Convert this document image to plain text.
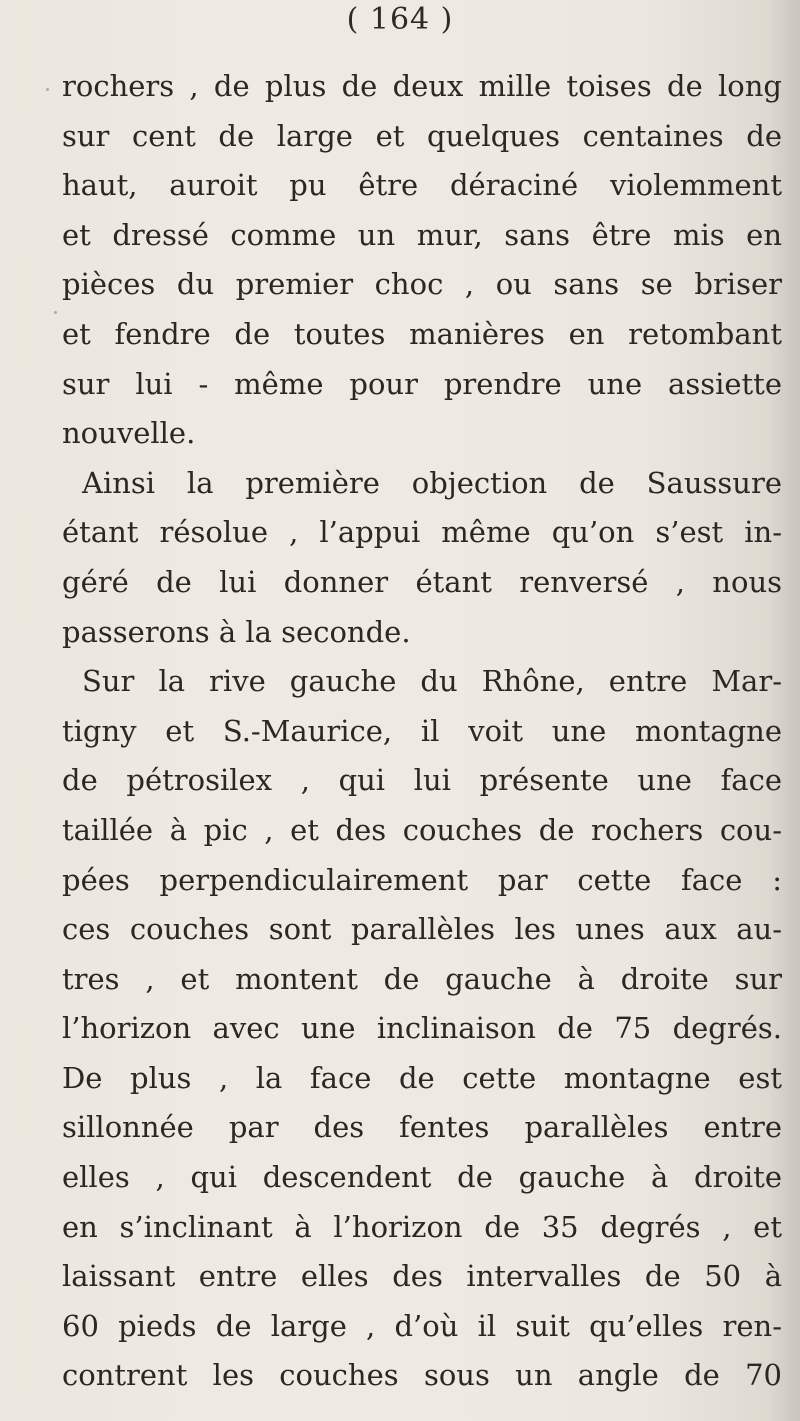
( 164 )
rochers , de plus de deux mille toises de long
sur cent de large et quelques centaines de
haut, auroit pu être déraciné violemment
et dressé comme un mur, sans être mis en
pièces du premier choc , ou sans se briser
et fendre de toutes manières en retombant
sur lui - même pour prendre une assiette
nouvelle.
Ainsi la première objection de Saussure
étant résolue , l’appui même qu’on s’est in-
géré de lui donner étant renversé , nous
passerons à la seconde.
Sur la rive gauche du Rhône, entre Mar-
tigny et S.-Maurice, il voit une montagne
de pétrosilex , qui lui présente une face
taillée à pic , et des couches de rochers cou-
pées perpendiculairement par cette face :
ces couches sont parallèles les unes aux au-
tres , et montent de gauche à droite sur
l’horizon avec une inclinaison de 75 degrés.
De plus , la face de cette montagne est
sillonnée par des fentes parallèles entre
elles , qui descendent de gauche à droite
en s’inclinant à l’horizon de 35 degrés , et
laissant entre elles des intervalles de 50 à
60 pieds de large , d’où il suit qu’elles ren-
contrent les couches sous un angle de 70
